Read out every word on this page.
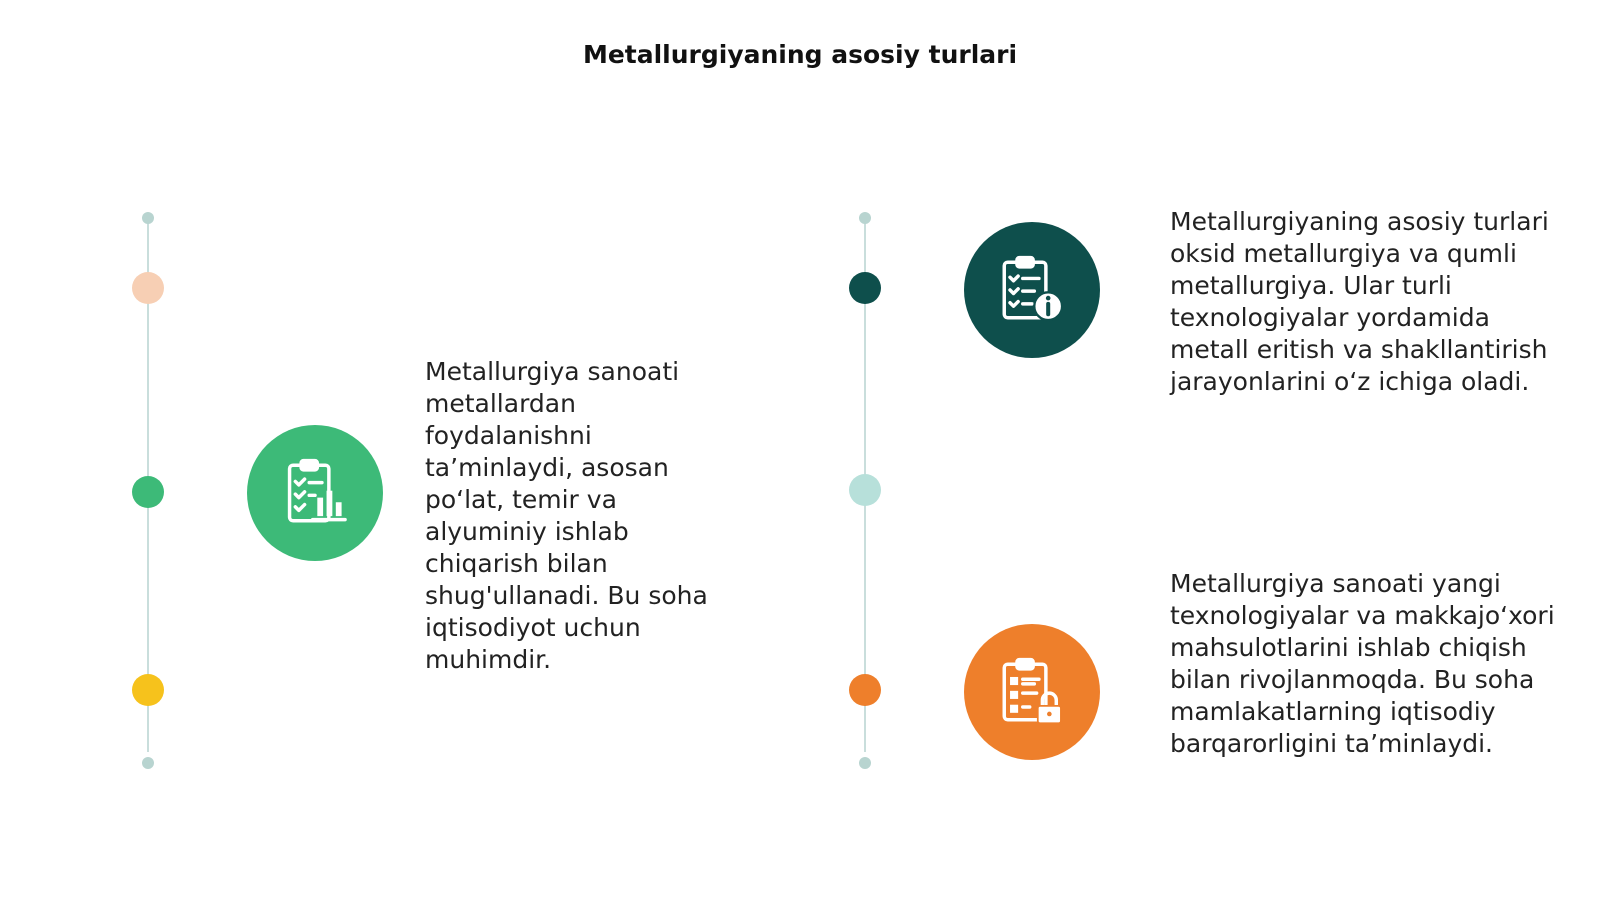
Metallurgiyaning asosiy turlari
Metallurgiya sanoati metallardan foydalanishni ta’minlaydi, asosan po‘lat, temir va alyuminiy ishlab chiqarish bilan shug'ullanadi. Bu soha iqtisodiyot uchun muhimdir.
Metallurgiyaning asosiy turlari oksid metallurgiya va qumli metallurgiya. Ular turli texnologiyalar yordamida metall eritish va shakllantirish jarayonlarini o‘z ichiga oladi.
Metallurgiya sanoati yangi texnologiyalar va makkajo‘xori mahsulotlarini ishlab chiqish bilan rivojlanmoqda. Bu soha mamlakatlarning iqtisodiy barqarorligini ta’minlaydi.
